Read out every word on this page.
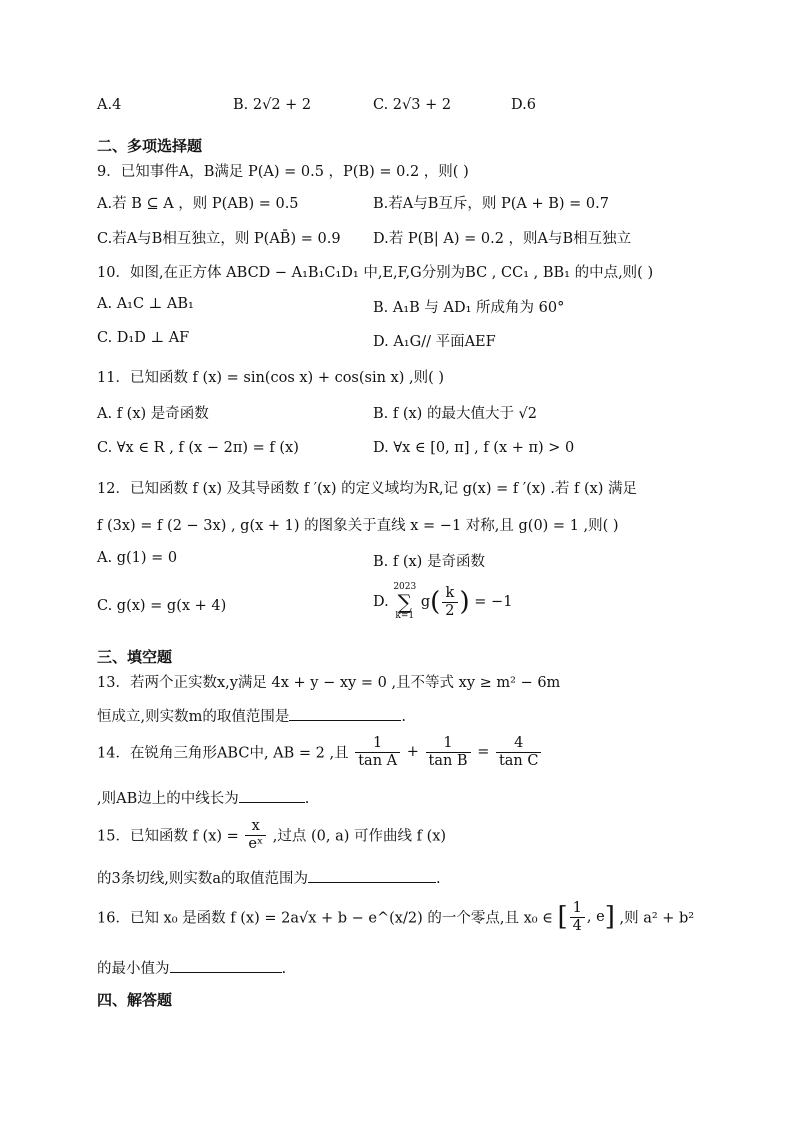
A.4	B. 2√2 + 2	C. 2√3 + 2	D.6
二、多项选择题
9．已知事件A，B满足 P(A) = 0.5 ，P(B) = 0.2 ，则( )
A.若 B ⊆ A ，则 P(AB) = 0.5	B.若A与B互斥，则 P(A + B) = 0.7
C.若A与B相互独立，则 P(AB̄) = 0.9 D.若 P(B| A) = 0.2 ，则A与B相互独立
10．如图,在正方体 ABCD − A₁B₁C₁D₁ 中,E,F,G分别为BC , CC₁ , BB₁ 的中点,则( )
A. A₁C ⊥ AB₁	B. A₁B 与 AD₁ 所成角为 60°
C. D₁D ⊥ AF	D. A₁G// 平面AEF
11．已知函数 f (x) = sin(cos x) + cos(sin x) ,则( )
A. f (x) 是奇函数	B. f (x) 的最大值大于 √2
C. ∀x ∈ R , f (x − 2π) = f (x)	D. ∀x ∈ [0, π] , f (x + π) > 0
12．已知函数 f (x) 及其导函数 f ′(x) 的定义域均为R,记 g(x) = f ′(x) .若 f (x) 满足
f (3x) = f (2 − 3x) , g(x + 1) 的图象关于直线 x = −1 对称,且 g(0) = 1 ,则( )
A. g(1) = 0	B. f (x) 是奇函数
C. g(x) = g(x + 4)	D. 2023
∑
k=1 $g( \frac{k}{2}$ ) = −1
三、填空题
13．若两个正实数x,y满足 4x + y − xy = 0 ,且不等式 xy ≥ m² − 6m
恒成立,则实数m的取值范围是	.
14．在锐角三角形ABC中, AB = 2 ,且 $\frac{1}{\text{tan A}} + \frac{1}{\text{tan B}} = \frac{4}{\text{tan C}}$
,则AB边上的中线长为	.
15．已知函数 f $(x) = \frac{x}{\text{eˣ}}$ ,过点 (0, a) 可作曲线 f (x)
的3条切线,则实数a的取值范围为	.
16．已知 x₀ 是函数 f (x) = 2a√x + b − e^(x/2) 的一个零点,且 x₀ ∈ [ $\frac{1}{4}$ , e] ,则 a² + b²
的最小值为	.
四、解答题
